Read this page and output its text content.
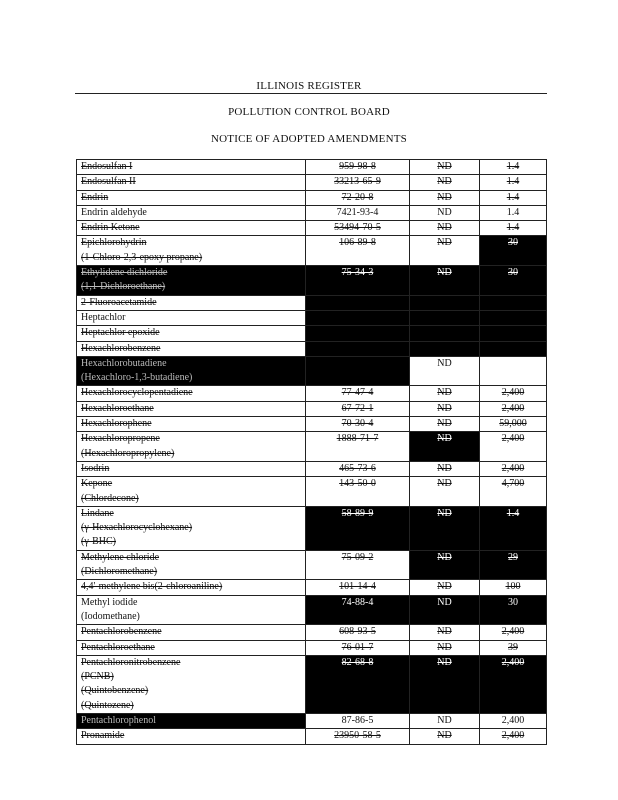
ILLINOIS REGISTER
POLLUTION CONTROL BOARD
NOTICE OF ADOPTED AMENDMENTS
Endosulfan I	959-98-8	ND	1.4

Endosulfan II	33213-65-9	ND	1.4

Endrin	72-20-8	ND	1.4

Endrin aldehyde	7421-93-4	ND	1.4

Endrin Ketone	53494-70-5	ND	1.4

Epichlorohydrin
(1-Chloro-2,3-epoxy propane)	106-89-8	ND	30

Ethylidene dichloride
(1,1-Dichloroethane)	75-34-3	ND	30

2-Fluoroacetamide			

Heptachlor			

Heptachlor epoxide			

Hexachlorobenzene			

Hexachlorobutadiene
(Hexachloro-1,3-butadiene)		ND	

Hexachlorocyclopentadiene	77-47-4	ND	2,400

Hexachloroethane	67-72-1	ND	2,400

Hexachlorophene	70-30-4	ND	59,000

Hexachloropropene
(Hexachloropropylene)	1888-71-7	ND	2,400

Isodrin	465-73-6	ND	2,400

Kepone
(Chlordecone)	143-50-0	ND	4,700

Lindane
(γ-Hexachlorocyclohexane)
(γ-BHC)	58-89-9	ND	1.4

Methylene chloride
(Dichloromethane)	75-09-2	ND	29

4,4'-methylene bis(2-chloroaniline)	101-14-4	ND	100

Methyl iodide
(Iodomethane)	74-88-4	ND	30

Pentachlorobenzene	608-93-5	ND	2,400

Pentachloroethane	76-01-7	ND	39

Pentachloronitrobenzene
(PCNB)
(Quintobenzene)
(Quintozene)	82-68-8	ND	2,400

Pentachlorophenol	87-86-5	ND	2,400

Pronamide	23950-58-5	ND	2,400
